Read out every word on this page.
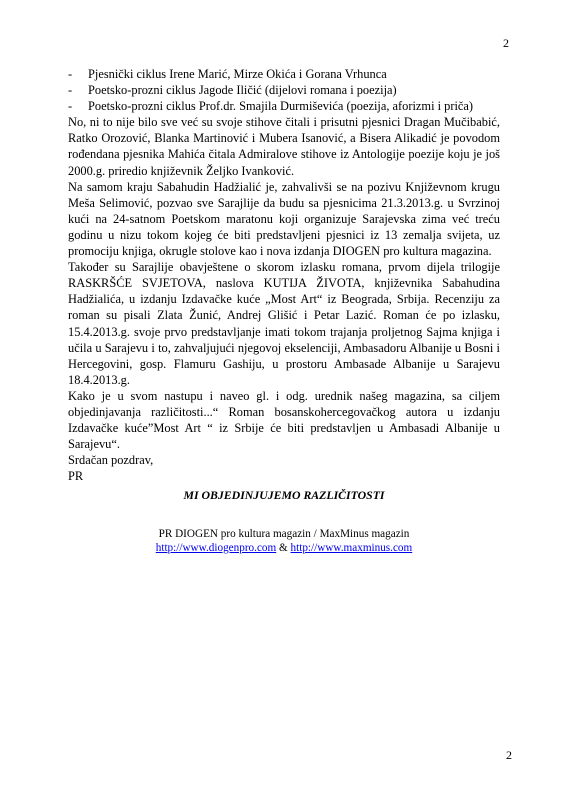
2
- Pjesnički ciklus Irene Marić, Mirze Okića i Gorana Vrhunca
- Poetsko-prozni ciklus Jagode Iličić (dijelovi romana i poezija)
- Poetsko-prozni ciklus Prof.dr. Smajila Durmiševića (poezija, aforizmi i priča)

No, ni to nije bilo sve već su svoje stihove čitali i prisutni pjesnici Dragan Mučibabić, Ratko Orozović, Blanka Martinović i Mubera Isanović, a Bisera Alikadić je povodom rođendana pjesnika Mahića čitala Admiralove stihove iz Antologije poezije koju je još 2000.g. priredio književnik Željko Ivanković.

Na samom kraju Sabahudin Hadžialić je, zahvalivši se na pozivu Književnom krugu Meša Selimović, pozvao sve Sarajlije da budu sa pjesnicima 21.3.2013.g. u Svrzinoj kući na 24-satnom Poetskom maratonu koji organizuje Sarajevska zima već treću godinu u nizu tokom kojeg će biti predstavljeni pjesnici iz 13 zemalja svijeta, uz promociju knjiga, okrugle stolove kao i nova izdanja DIOGEN pro kultura magazina.

Također su Sarajlije obavještene o skorom izlasku romana, prvom dijela trilogije RASKRŠĆE SVJETOVA, naslova KUTIJA ŽIVOTA, književnika Sabahudina Hadžialića, u izdanju Izdavačke kuće „Most Art“ iz Beograda, Srbija. Recenziju za roman su pisali Zlata Žunić, Andrej Glišić i Petar Lazić. Roman će po izlasku, 15.4.2013.g. svoje prvo predstavljanje imati tokom trajanja proljetnog Sajma knjiga i učila u Sarajevu i to, zahvaljujući njegovoj ekselenciji, Ambasadoru Albanije u Bosni i Hercegovini, gosp. Flamuru Gashiju, u prostoru Ambasade Albanije u Sarajevu 18.4.2013.g.

Kako je u svom nastupu i naveo gl. i odg. urednik našeg magazina, sa ciljem objedinjavanja različitosti...“ Roman bosanskohercegovačkog autora u izdanju Izdavačke kuće”Most Art “ iz Srbije će biti predstavljen u Ambasadi Albanije u Sarajevu“.

Srdačan pozdrav,

PR

MI OBJEDINJUJEMO RAZLIČITOSTI
PR DIOGEN pro kultura magazin / MaxMinus magazin
http://www.diogenpro.com & http://www.maxminus.com
2
